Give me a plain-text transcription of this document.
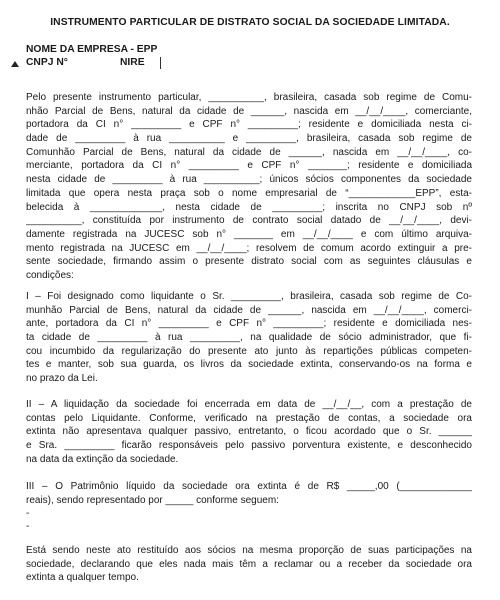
INSTRUMENTO PARTICULAR DE DISTRATO SOCIAL DA SOCIEDADE LIMITADA.
NOME DA EMPRESA - EPP
CNPJ N°	NIRE
Pelo presente instrumento particular, __________, brasileira, casada sob regime de Comu-
nhão Parcial de Bens, natural da cidade de ______, nascida em __/__/____, comerciante,
portadora da CI n° _________ e CPF n° _________; residente e domiciliada nesta ci-
dade de _________ à rua __________ e _________, brasileira, casada sob regime de
Comunhão Parcial de Bens, natural da cidade de ______, nascida em __/__/____, co-
merciante, portadora da CI n° _________ e CPF n° _______; residente e domiciliada
nesta cidade de _________ à rua __________; únicos sócios componentes da sociedade
limitada que opera nesta praça sob o nome empresarial de “____________EPP”, esta-
belecida à _____________, nesta cidade de _________; inscrita no CNPJ sob nº
__________, constituída por instrumento de contrato social datado de __/__/____, devi-
damente registrada na JUCESC sob n° _______ em __/__/____ e com último arquiva-
mento registrada na JUCESC em __/__/____; resolvem de comum acordo extinguir a pre-
sente sociedade, firmando assim o presente distrato social com as seguintes cláusulas e
condições:
I – Foi designado como liquidante o Sr. _________, brasileira, casada sob regime de Co-
munhão Parcial de Bens, natural da cidade de ______, nascida em __/__/____, comerci-
ante, portadora da CI n° _________ e CPF n° _________; residente e domiciliada nes-
ta cidade de _________ à rua _________, na qualidade de sócio administrador, que fi-
cou incumbido da regularização do presente ato junto às repartições públicas competen-
tes e manter, sob sua guarda, os livros da sociedade extinta, conservando-os na forma e
no prazo da Lei.
II – A liquidação da sociedade foi encerrada em data de __/__/__, com a prestação de
contas pelo Liquidante. Conforme, verificado na prestação de contas, a sociedade ora
extinta não apresentava qualquer passivo, entretanto, o ficou acordado que o Sr. ______
e Sra. _________ ficarão responsáveis pelo passivo porventura existente, e desconhecido
na data da extinção da sociedade.
III – O Patrimônio líquido da sociedade ora extinta é de R$ _____,00 (_____________
reais), sendo representado por _____ conforme seguem:
-
-
Está sendo neste ato restituído aos sócios na mesma proporção de suas participações na
sociedade, declarando que eles nada mais têm a reclamar ou a receber da sociedade ora
extinta a qualquer tempo.
